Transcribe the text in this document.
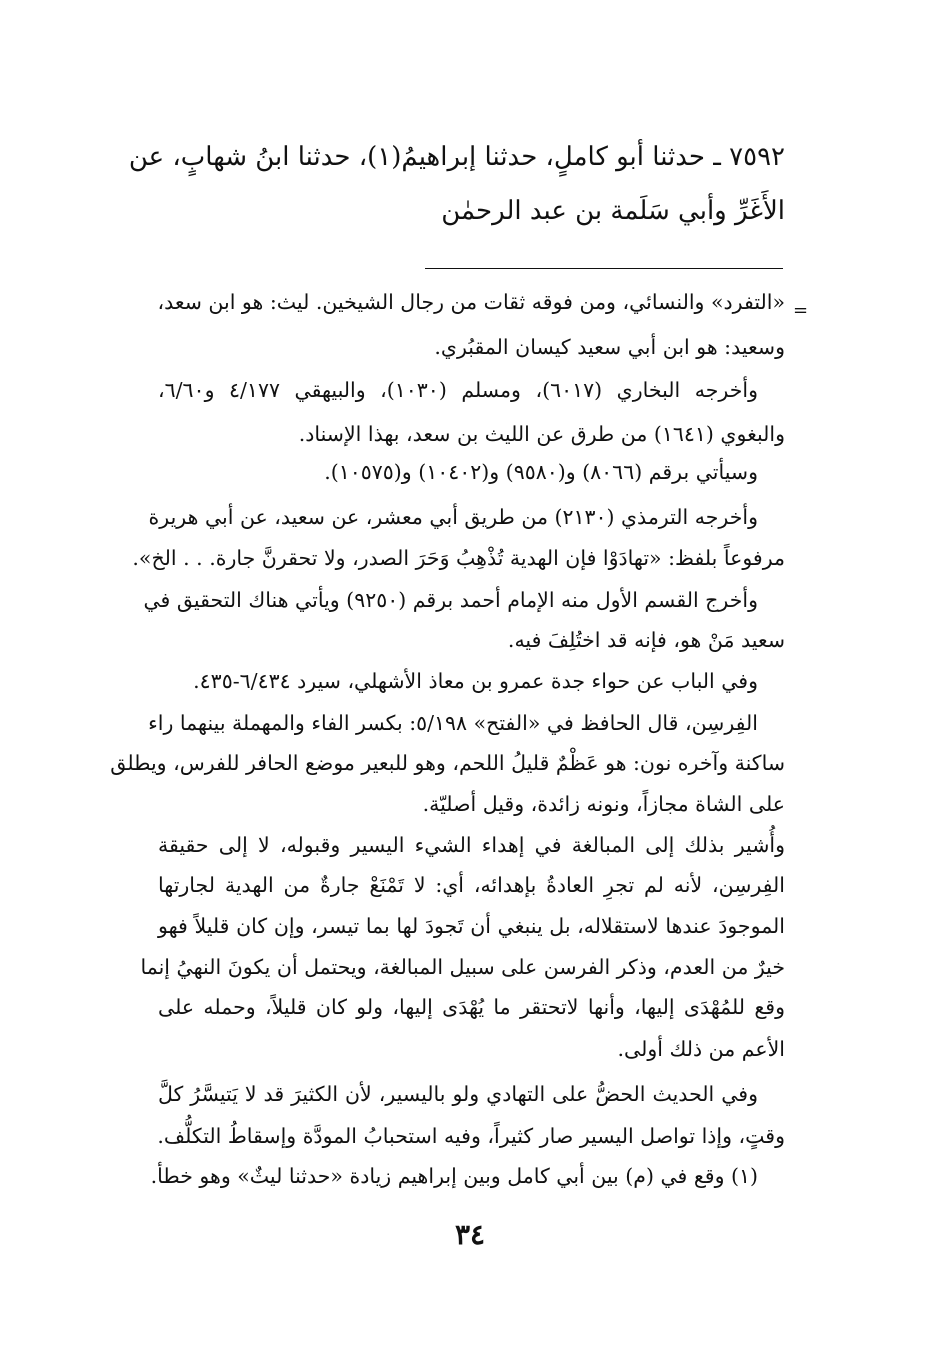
٧٥٩٢ ـ حدثنا أبو كاملٍ، حدثنا إبراهيمُ(١)، حدثنا ابنُ شهابٍ، عن
الأَغَرِّ وأبي سَلَمة بن عبد الرحمٰن
=
«التفرد» والنسائي، ومن فوقه ثقات من رجال الشيخين. ليث: هو ابن سعد،
وسعيد: هو ابن أبي سعيد كيسان المقبُري.
وأخرجه البخاري (٦٠١٧)، ومسلم (١٠٣٠)، والبيهقي ٤/١٧٧ و٦/٦٠،
والبغوي (١٦٤١) من طرق عن الليث بن سعد، بهذا الإسناد.
وسيأتي برقم (٨٠٦٦) و(٩٥٨٠) و(١٠٤٠٢) و(١٠٥٧٥).
وأخرجه الترمذي (٢١٣٠) من طريق أبي معشر، عن سعيد، عن أبي هريرة
مرفوعاً بلفظ: «تهادَوْا فإن الهدية تُذْهِبُ وَحَرَ الصدر، ولا تحقرنَّ جارة. . . الخ».
وأخرج القسم الأول منه الإمام أحمد برقم (٩٢٥٠) ويأتي هناك التحقيق في
سعيد مَنْ هو، فإنه قد اختُلِفَ فيه.
وفي الباب عن حواء جدة عمرو بن معاذ الأشهلي، سيرد ٦/٤٣٤-٤٣٥.
الفِرسِن، قال الحافظ في «الفتح» ٥/١٩٨: بكسر الفاء والمهملة بينهما راء
ساكنة وآخره نون: هو عَظْمٌ قليلُ اللحم، وهو للبعير موضع الحافر للفرس، ويطلق
على الشاة مجازاً، ونونه زائدة، وقيل أصليّة.
وأُشير بذلك إلى المبالغة في إهداء الشيء اليسير وقبوله، لا إلى حقيقة
الفِرسِن، لأنه لم تجرِ العادةُ بإهدائه، أي: لا تَمْنَعْ جارةٌ من الهدية لجارتها
الموجودَ عندها لاستقلاله، بل ينبغي أن تَجودَ لها بما تيسر، وإن كان قليلاً فهو
خيرٌ من العدم، وذكر الفرسن على سبيل المبالغة، ويحتمل أن يكونَ النهيُ إنما
وقع للمُهْدَى إليها، وأنها لاتحتقر ما يُهْدَى إليها، ولو كان قليلاً، وحمله على
الأعم من ذلك أولى.
وفي الحديث الحضُّ على التهادي ولو باليسير، لأن الكثيرَ قد لا يَتيسَّرُ كلَّ
وقتٍ، وإذا تواصل اليسير صار كثيراً، وفيه استحبابُ المودَّة وإسقاطُ التكلُّف.
(١) وقع في (م) بين أبي كامل وبين إبراهيم زيادة «حدثنا ليثٌ» وهو خطأ.
٣٤
